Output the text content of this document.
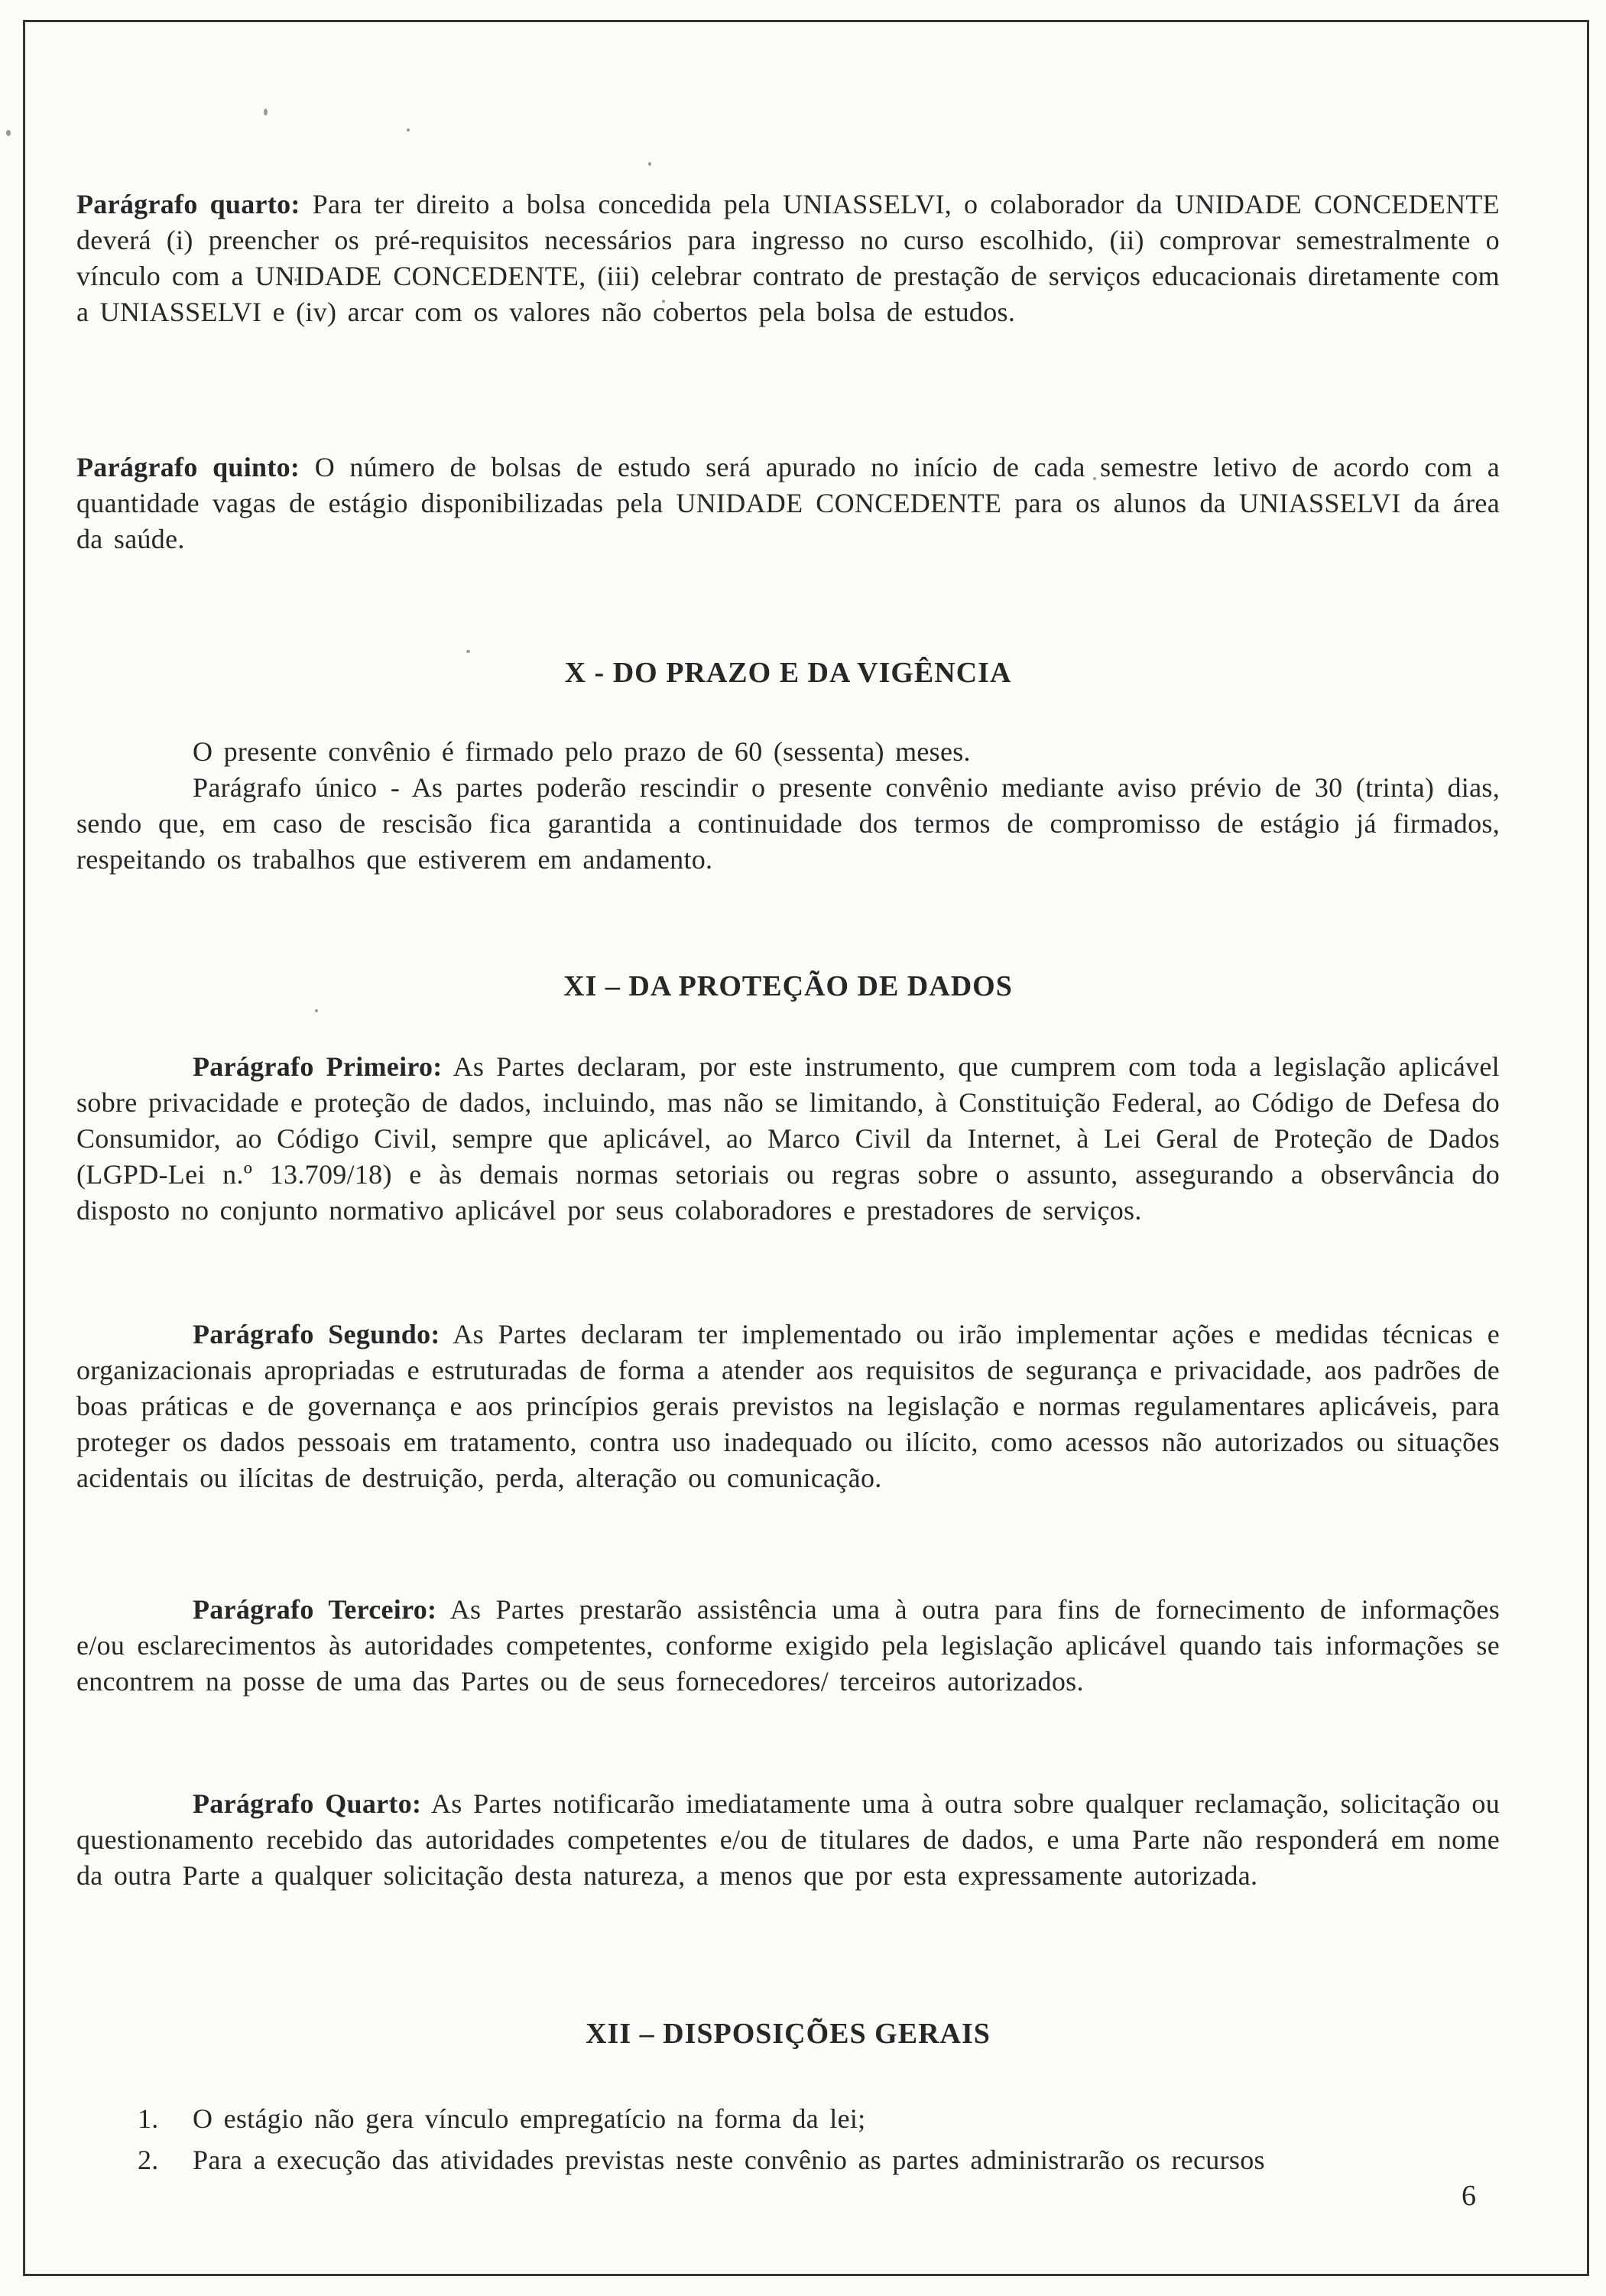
Parágrafo quarto: Para ter direito a bolsa concedida pela UNIASSELVI, o colaborador da UNIDADE CONCEDENTE deverá (i) preencher os pré-requisitos necessários para ingresso no curso escolhido, (ii) comprovar semestralmente o vínculo com a UNIDADE CONCEDENTE, (iii) celebrar contrato de prestação de serviços educacionais diretamente com a UNIASSELVI e (iv) arcar com os valores não cobertos pela bolsa de estudos.

Parágrafo quinto: O número de bolsas de estudo será apurado no início de cada semestre letivo de acordo com a quantidade vagas de estágio disponibilizadas pela UNIDADE CONCEDENTE para os alunos da UNIASSELVI da área da saúde.

X - DO PRAZO E DA VIGÊNCIA

O presente convênio é firmado pelo prazo de 60 (sessenta) meses.

Parágrafo único - As partes poderão rescindir o presente convênio mediante aviso prévio de 30 (trinta) dias, sendo que, em caso de rescisão fica garantida a continuidade dos termos de compromisso de estágio já firmados, respeitando os trabalhos que estiverem em andamento.

XI – DA PROTEÇÃO DE DADOS

Parágrafo Primeiro: As Partes declaram, por este instrumento, que cumprem com toda a legislação aplicável sobre privacidade e proteção de dados, incluindo, mas não se limitando, à Constituição Federal, ao Código de Defesa do Consumidor, ao Código Civil, sempre que aplicável, ao Marco Civil da Internet, à Lei Geral de Proteção de Dados (LGPD-Lei n.º 13.709/18) e às demais normas setoriais ou regras sobre o assunto, assegurando a observância do disposto no conjunto normativo aplicável por seus colaboradores e prestadores de serviços.

Parágrafo Segundo: As Partes declaram ter implementado ou irão implementar ações e medidas técnicas e organizacionais apropriadas e estruturadas de forma a atender aos requisitos de segurança e privacidade, aos padrões de boas práticas e de governança e aos princípios gerais previstos na legislação e normas regulamentares aplicáveis, para proteger os dados pessoais em tratamento, contra uso inadequado ou ilícito, como acessos não autorizados ou situações acidentais ou ilícitas de destruição, perda, alteração ou comunicação.

Parágrafo Terceiro: As Partes prestarão assistência uma à outra para fins de fornecimento de informações e/ou esclarecimentos às autoridades competentes, conforme exigido pela legislação aplicável quando tais informações se encontrem na posse de uma das Partes ou de seus fornecedores/ terceiros autorizados.

Parágrafo Quarto: As Partes notificarão imediatamente uma à outra sobre qualquer reclamação, solicitação ou questionamento recebido das autoridades competentes e/ou de titulares de dados, e uma Parte não responderá em nome da outra Parte a qualquer solicitação desta natureza, a menos que por esta expressamente autorizada.

XII – DISPOSIÇÕES GERAIS
1.	O estágio não gera vínculo empregatício na forma da lei;
2.	Para a execução das atividades previstas neste convênio as partes administrarão os recursos
6
